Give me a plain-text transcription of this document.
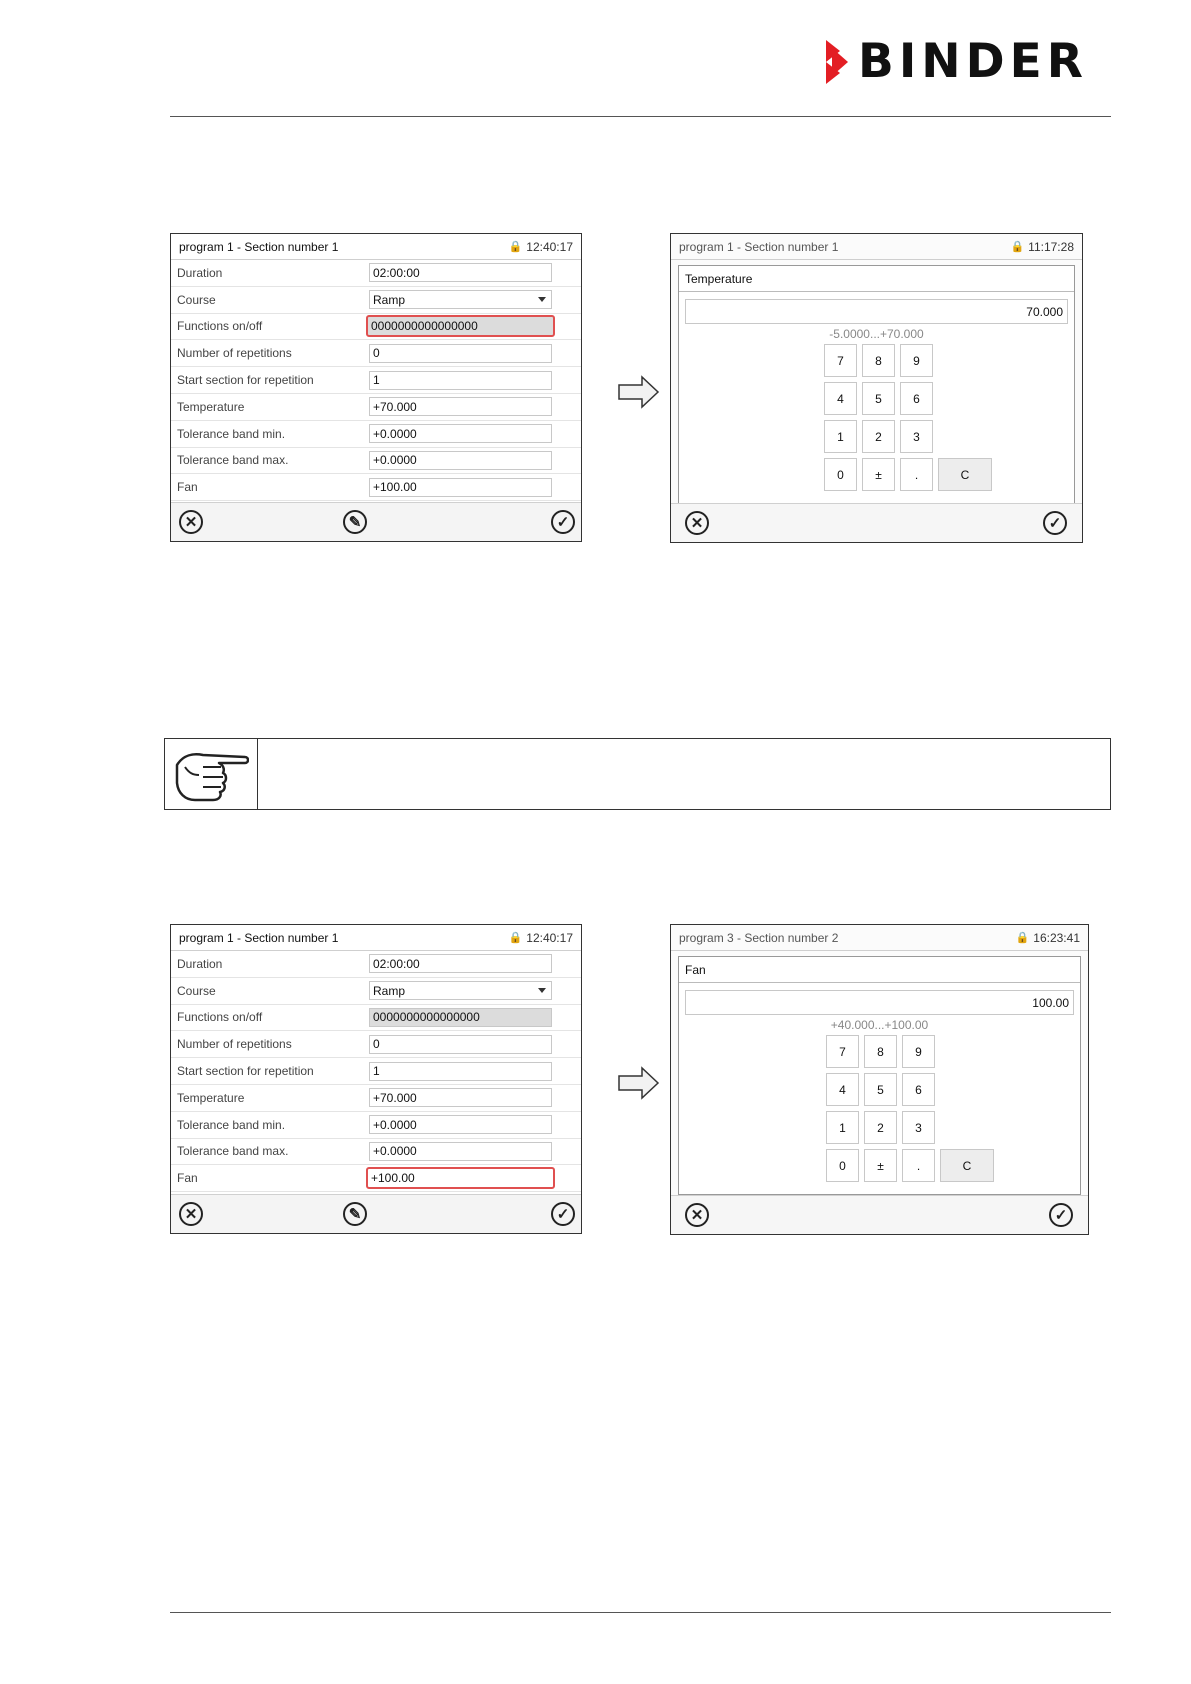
BINDER
program 1 - Section number 1	🔒 12:40:17
Duration	02:00:00
Course	Ramp
Functions on/off	0000000000000000
Number of repetitions	0
Start section for repetition	1
Temperature	+70.000
Tolerance band min.	+0.0000
Tolerance band max.	+0.0000
Fan	+100.00
✕	✎	✓
program 1 - Section number 1	🔒 11:17:28
Temperature
70.000
-5.0000...+70.000
7	8	9
4	5	6
1	2	3
0	±	.	C
✕	✓
program 1 - Section number 1	🔒 12:40:17
Duration	02:00:00
Course	Ramp
Functions on/off	0000000000000000
Number of repetitions	0
Start section for repetition	1
Temperature	+70.000
Tolerance band min.	+0.0000
Tolerance band max.	+0.0000
Fan	+100.00
✕	✎	✓
program 3 - Section number 2	🔒 16:23:41
Fan
100.00
+40.000...+100.00
7	8	9
4	5	6
1	2	3
0	±	.	C
✕	✓
